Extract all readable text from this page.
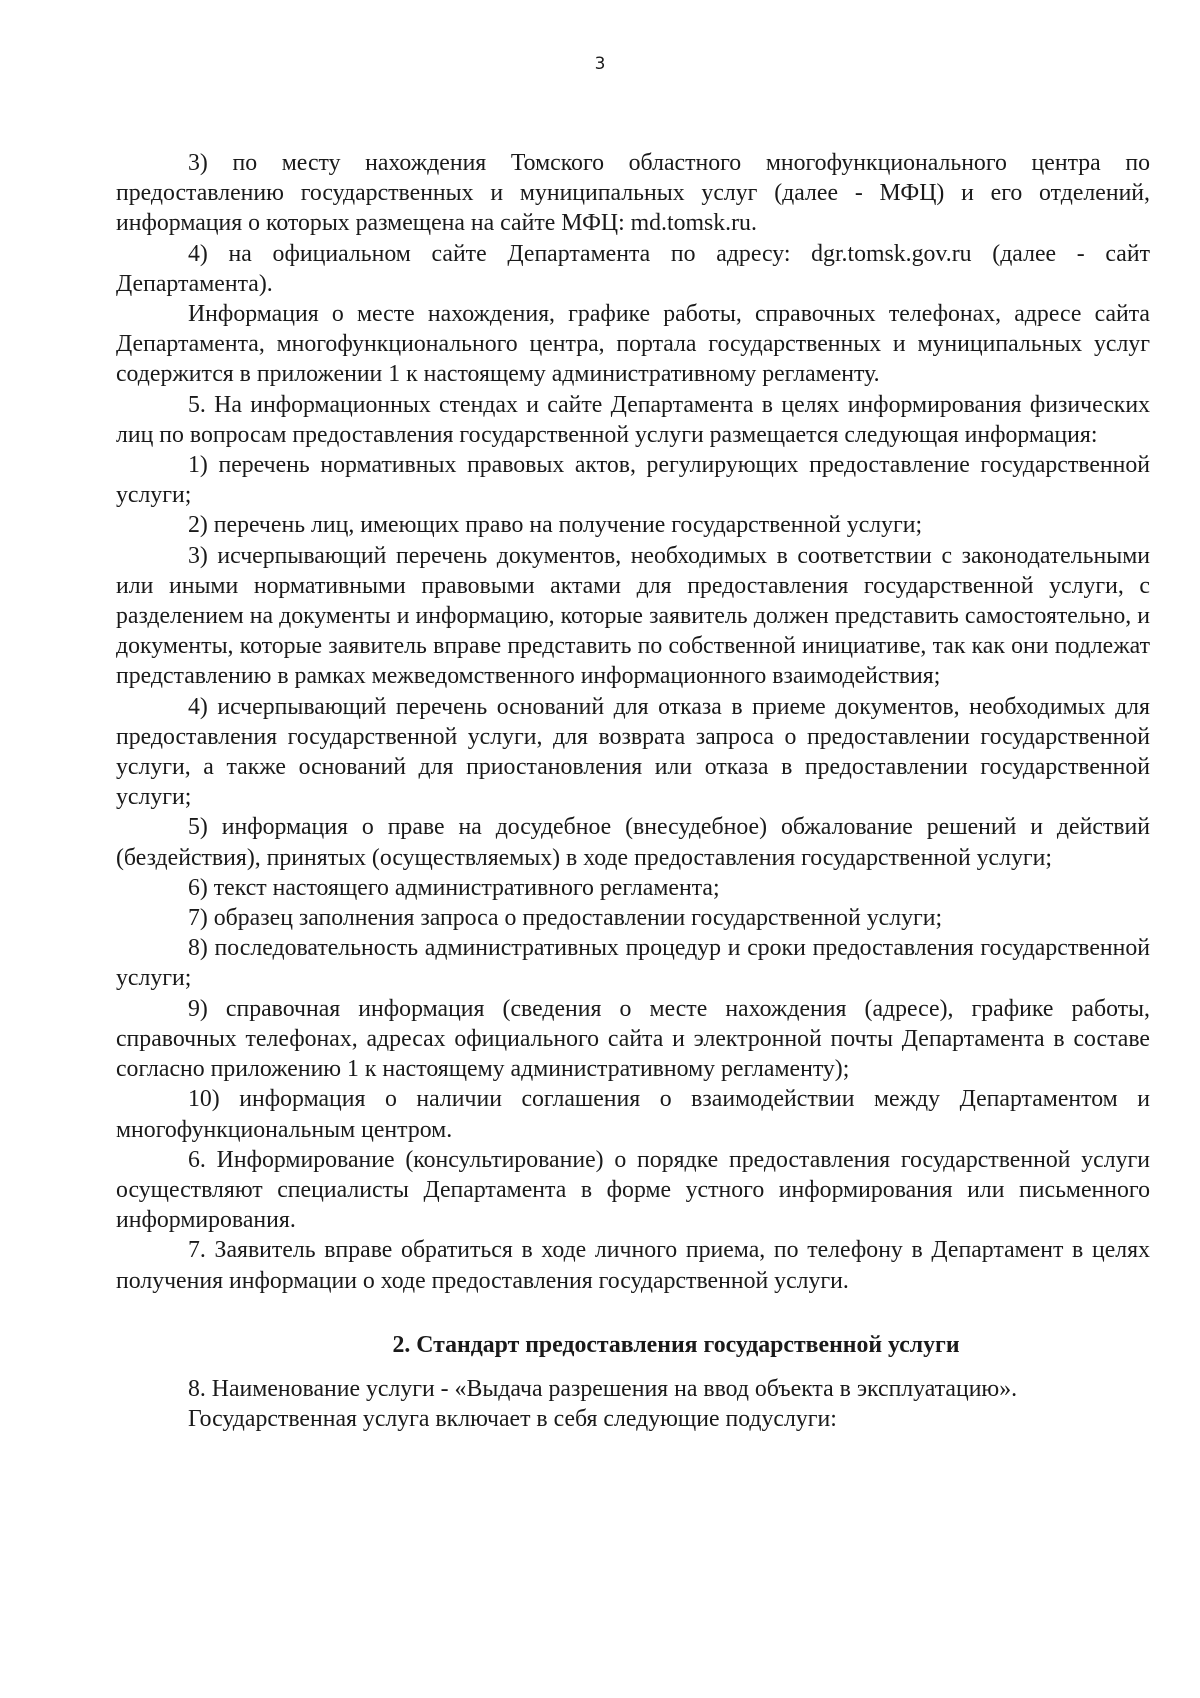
3

3) по месту нахождения Томского областного многофункционального центра по предоставлению государственных и муниципальных услуг (далее - МФЦ) и его отделений, информация о которых размещена на сайте МФЦ: md.tomsk.ru.

4) на официальном сайте Департамента по адресу: dgr.tomsk.gov.ru (далее - сайт Департамента).

Информация о месте нахождения, графике работы, справочных телефонах, адресе сайта Департамента, многофункционального центра, портала государственных и муниципальных услуг содержится в приложении 1 к настоящему административному регламенту.

5. На информационных стендах и сайте Департамента в целях информирования физических лиц по вопросам предоставления государственной услуги размещается следующая информация:

1) перечень нормативных правовых актов, регулирующих предоставление государственной услуги;

2) перечень лиц, имеющих право на получение государственной услуги;

3) исчерпывающий перечень документов, необходимых в соответствии с законодательными или иными нормативными правовыми актами для предоставления государственной услуги, с разделением на документы и информацию, которые заявитель должен представить самостоятельно, и документы, которые заявитель вправе представить по собственной инициативе, так как они подлежат представлению в рамках межведомственного информационного взаимодействия;

4) исчерпывающий перечень оснований для отказа в приеме документов, необходимых для предоставления государственной услуги, для возврата запроса о предоставлении государственной услуги, а также оснований для приостановления или отказа в предоставлении государственной услуги;

5) информация о праве на досудебное (внесудебное) обжалование решений и действий (бездействия), принятых (осуществляемых) в ходе предоставления государственной услуги;

6) текст настоящего административного регламента;

7) образец заполнения запроса о предоставлении государственной услуги;

8) последовательность административных процедур и сроки предоставления государственной услуги;

9) справочная информация (сведения о месте нахождения (адресе), графике работы, справочных телефонах, адресах официального сайта и электронной почты Департамента в составе согласно приложению 1 к настоящему административному регламенту);

10) информация о наличии соглашения о взаимодействии между Департаментом и многофункциональным центром.

6. Информирование (консультирование) о порядке предоставления государственной услуги осуществляют специалисты Департамента в форме устного информирования или письменного информирования.

7. Заявитель вправе обратиться в ходе личного приема, по телефону в Департамент в целях получения информации о ходе предоставления государственной услуги.

2. Стандарт предоставления государственной услуги

8. Наименование услуги - «Выдача разрешения на ввод объекта в эксплуатацию».

Государственная услуга включает в себя следующие подуслуги:
